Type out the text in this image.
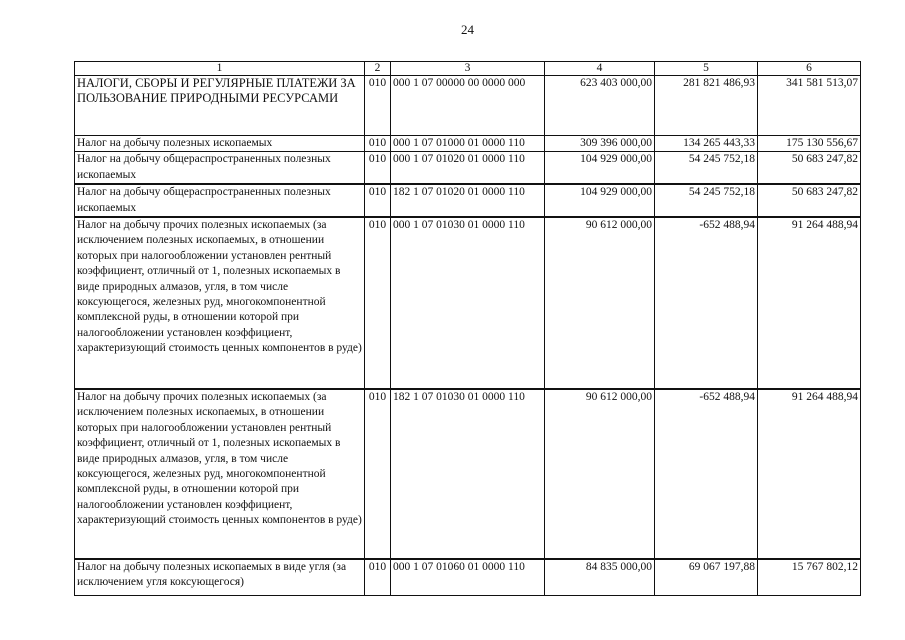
24
1	2	3	4	5	6
НАЛОГИ, СБОРЫ И РЕГУЛЯРНЫЕ ПЛАТЕЖИ ЗА ПОЛЬЗОВАНИЕ ПРИРОДНЫМИ РЕСУРСАМИ	010	000 1 07 00000 00 0000 000	623 403 000,00	281 821 486,93	341 581 513,07
Налог на добычу полезных ископаемых	010	000 1 07 01000 01 0000 110	309 396 000,00	134 265 443,33	175 130 556,67
Налог на добычу общераспространенных полезных ископаемых	010	000 1 07 01020 01 0000 110	104 929 000,00	54 245 752,18	50 683 247,82
Налог на добычу общераспространенных полезных ископаемых	010	182 1 07 01020 01 0000 110	104 929 000,00	54 245 752,18	50 683 247,82
Налог на добычу прочих полезных ископаемых (за исключением полезных ископаемых, в отношении которых при налогообложении установлен рентный коэффициент, отличный от 1, полезных ископаемых в виде природных алмазов, угля, в том числе коксующегося, железных руд, многокомпонентной комплексной руды, в отношении которой при налогообложении установлен коэффициент, характеризующий стоимость ценных компонентов в руде)	010	000 1 07 01030 01 0000 110	90 612 000,00	-652 488,94	91 264 488,94
Налог на добычу прочих полезных ископаемых (за исключением полезных ископаемых, в отношении которых при налогообложении установлен рентный коэффициент, отличный от 1, полезных ископаемых в виде природных алмазов, угля, в том числе коксующегося, железных руд, многокомпонентной комплексной руды, в отношении которой при налогообложении установлен коэффициент, характеризующий стоимость ценных компонентов в руде)	010	182 1 07 01030 01 0000 110	90 612 000,00	-652 488,94	91 264 488,94
Налог на добычу полезных ископаемых в виде угля (за исключением угля коксующегося)	010	000 1 07 01060 01 0000 110	84 835 000,00	69 067 197,88	15 767 802,12
